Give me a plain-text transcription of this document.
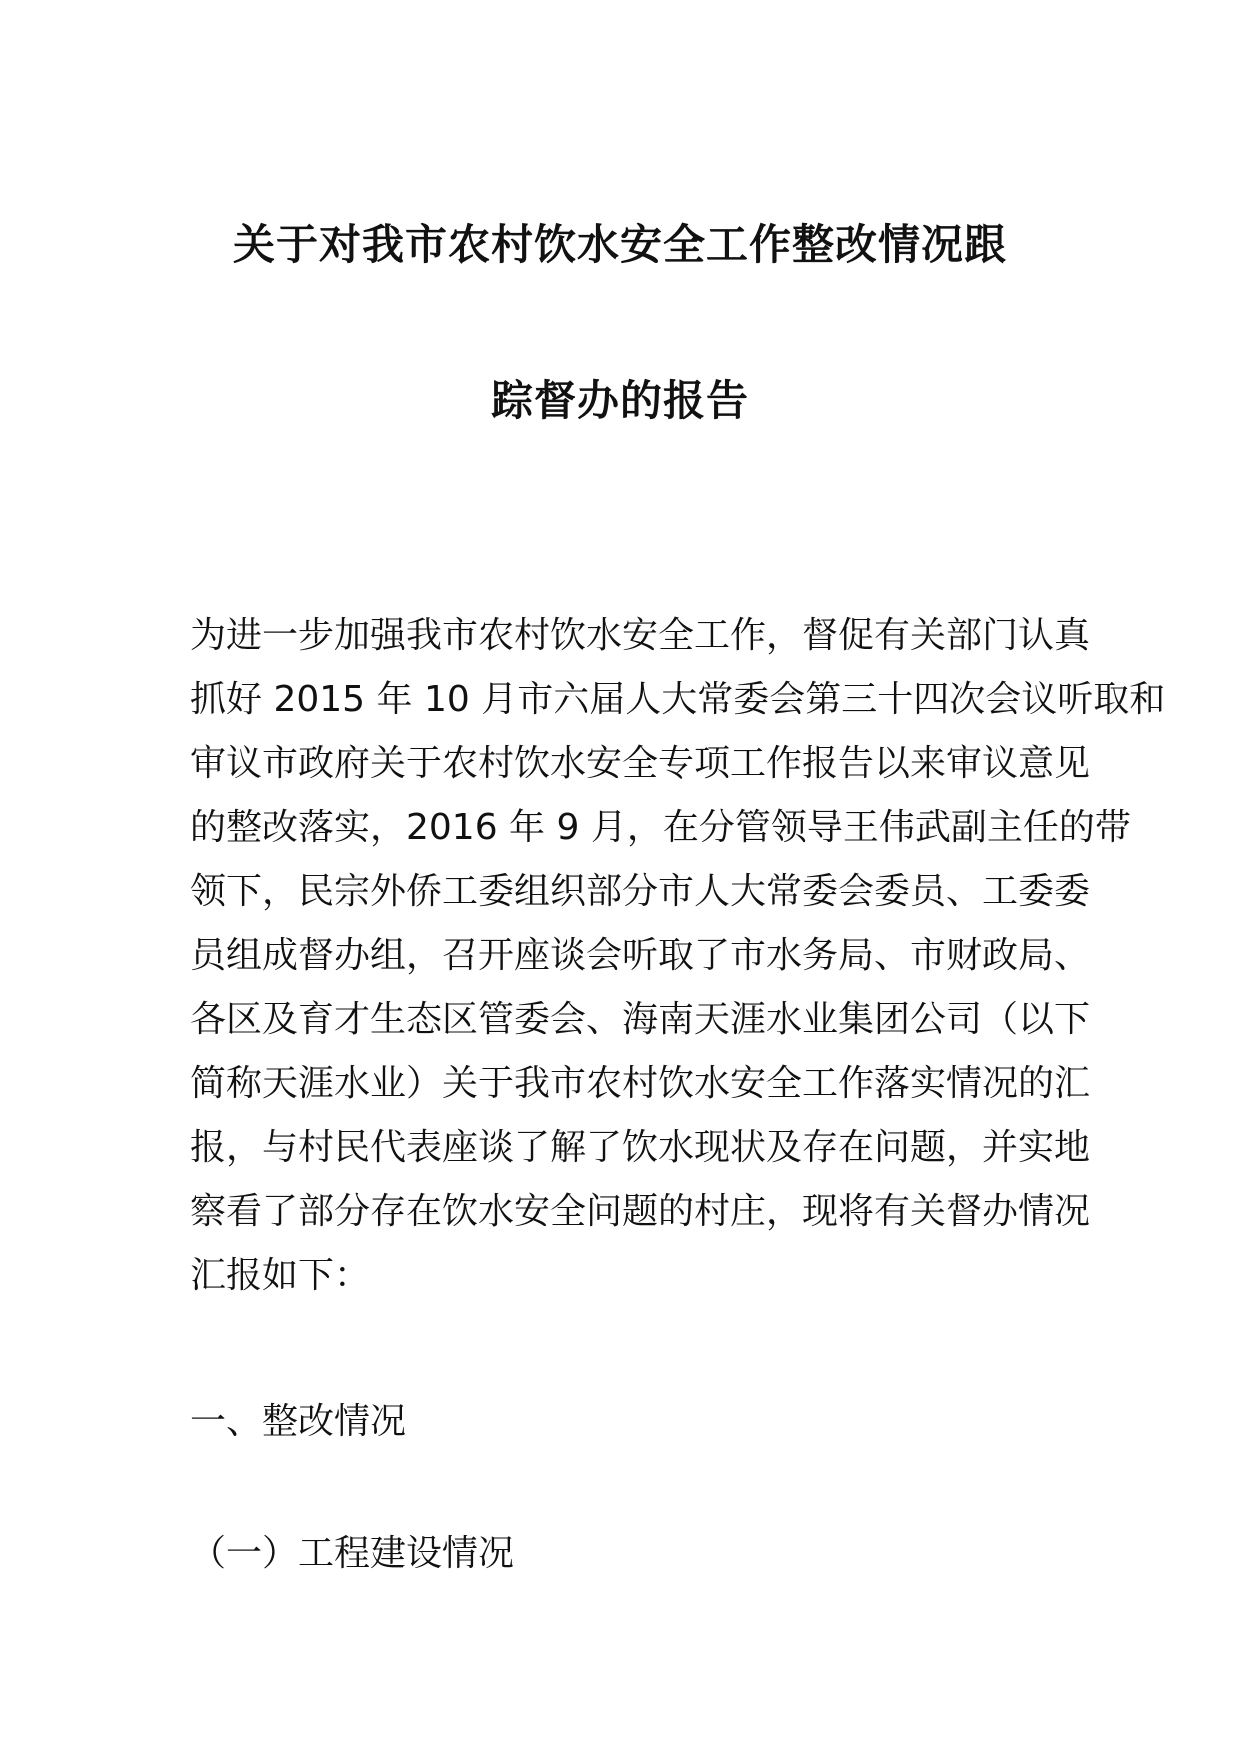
关于对我市农村饮水安全工作整改情况跟
踪督办的报告
为进一步加强我市农村饮水安全工作，督促有关部门认真
抓好 2015 年 10 月市六届人大常委会第三十四次会议听取和
审议市政府关于农村饮水安全专项工作报告以来审议意见
的整改落实，2016 年 9 月，在分管领导王伟武副主任的带
领下，民宗外侨工委组织部分市人大常委会委员、工委委
员组成督办组，召开座谈会听取了市水务局、市财政局、
各区及育才生态区管委会、海南天涯水业集团公司（以下
简称天涯水业）关于我市农村饮水安全工作落实情况的汇
报，与村民代表座谈了解了饮水现状及存在问题，并实地
察看了部分存在饮水安全问题的村庄，现将有关督办情况
汇报如下：
一、整改情况
（一）工程建设情况
